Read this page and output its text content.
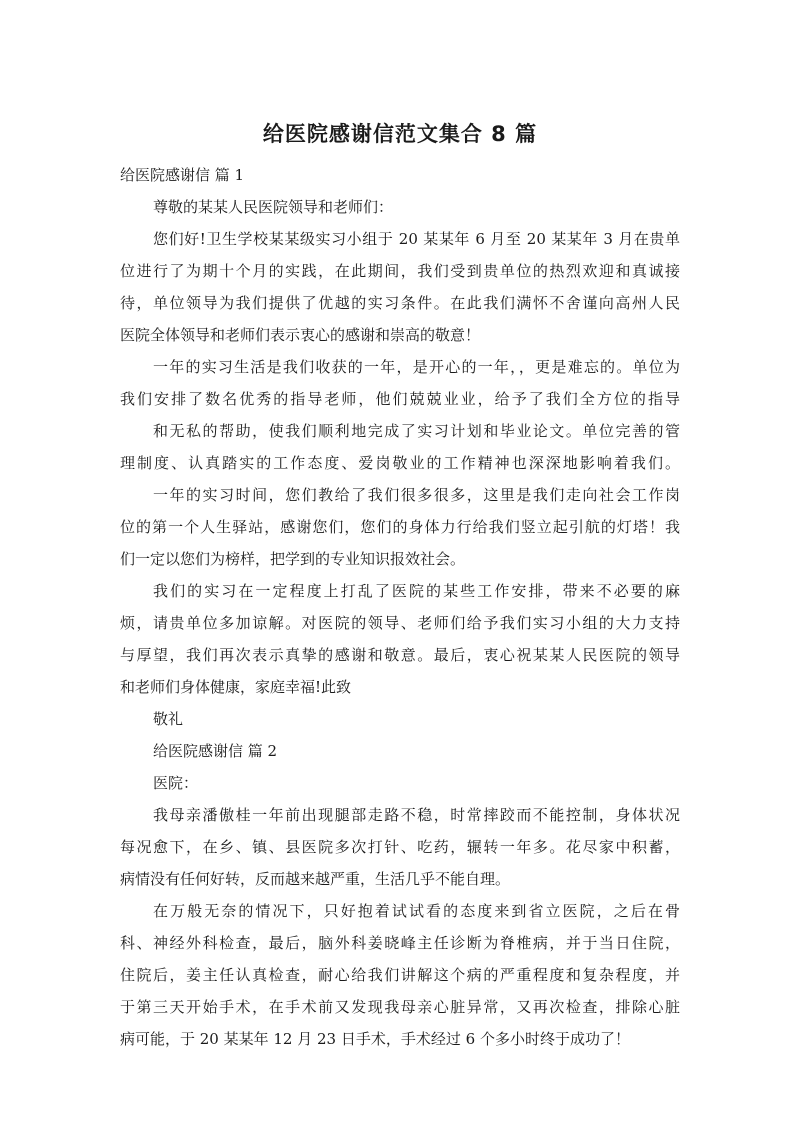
给医院感谢信范文集合 8 篇
给医院感谢信 篇 1
尊敬的某某人民医院领导和老师们：
您们好!卫生学校某某级实习小组于 20 某某年 6 月至 20 某某年 3 月在贵单
位进行了为期十个月的实践，在此期间，我们受到贵单位的热烈欢迎和真诚接
待，单位领导为我们提供了优越的实习条件。在此我们满怀不舍谨向高州人民
医院全体领导和老师们表示衷心的感谢和崇高的敬意！
一年的实习生活是我们收获的一年，是开心的一年，，更是难忘的。单位为
我们安排了数名优秀的指导老师，他们兢兢业业，给予了我们全方位的指导
和无私的帮助，使我们顺利地完成了实习计划和毕业论文。单位完善的管
理制度、认真踏实的工作态度、爱岗敬业的工作精神也深深地影响着我们。
一年的实习时间，您们教给了我们很多很多，这里是我们走向社会工作岗
位的第一个人生驿站，感谢您们，您们的身体力行给我们竖立起引航的灯塔！我
们一定以您们为榜样，把学到的专业知识报效社会。
我们的实习在一定程度上打乱了医院的某些工作安排，带来不必要的麻
烦，请贵单位多加谅解。对医院的领导、老师们给予我们实习小组的大力支持
与厚望，我们再次表示真挚的感谢和敬意。最后，衷心祝某某人民医院的领导
和老师们身体健康，家庭幸福!此致
敬礼
给医院感谢信 篇 2
医院：
我母亲潘傲桂一年前出现腿部走路不稳，时常摔跤而不能控制，身体状况
每况愈下，在乡、镇、县医院多次打针、吃药，辗转一年多。花尽家中积蓄，
病情没有任何好转，反而越来越严重，生活几乎不能自理。
在万般无奈的情况下，只好抱着试试看的态度来到省立医院，之后在骨
科、神经外科检查，最后，脑外科姜晓峰主任诊断为脊椎病，并于当日住院，
住院后，姜主任认真检查，耐心给我们讲解这个病的严重程度和复杂程度，并
于第三天开始手术，在手术前又发现我母亲心脏异常，又再次检查，排除心脏
病可能，于 20 某某年 12 月 23 日手术，手术经过 6 个多小时终于成功了！
